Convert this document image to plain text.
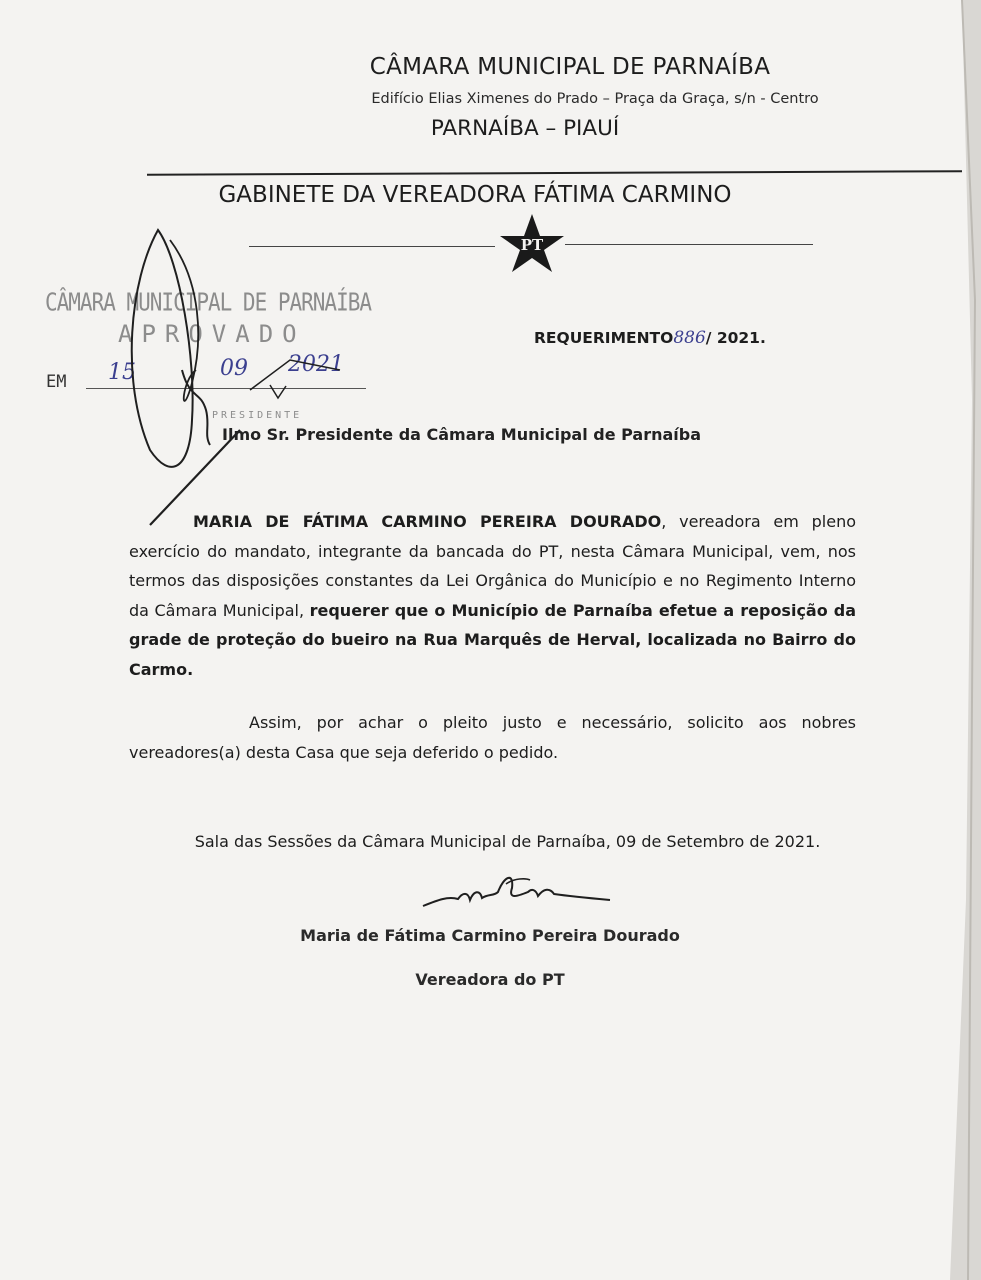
CÂMARA MUNICIPAL DE PARNAÍBA
Edifício Elias Ximenes do Prado – Praça da Graça, s/n - Centro
PARNAÍBA – PIAUÍ
GABINETE DA VEREADORA FÁTIMA CARMINO
PT
CÂMARA MUNICIPAL DE PARNAÍBA
APROVADO
EM 15	09 2021
PRESIDENTE
REQUERIMENTO886/ 2021.
Ilmo Sr. Presidente da Câmara Municipal de Parnaíba
MARIA DE FÁTIMA CARMINO PEREIRA DOURADO, vereadora em pleno exercício do mandato, integrante da bancada do PT, nesta Câmara Municipal, vem, nos termos das disposições constantes da Lei Orgânica do Município e no Regimento Interno da Câmara Municipal, requerer que o Município de Parnaíba efetue a reposição da grade de proteção do bueiro na Rua Marquês de Herval, localizada no Bairro do Carmo.
Assim, por achar o pleito justo e necessário, solicito aos nobres vereadores(a) desta Casa que seja deferido o pedido.
Sala das Sessões da Câmara Municipal de Parnaíba, 09 de Setembro de 2021.
Maria de Fátima Carmino Pereira Dourado
Vereadora do PT
